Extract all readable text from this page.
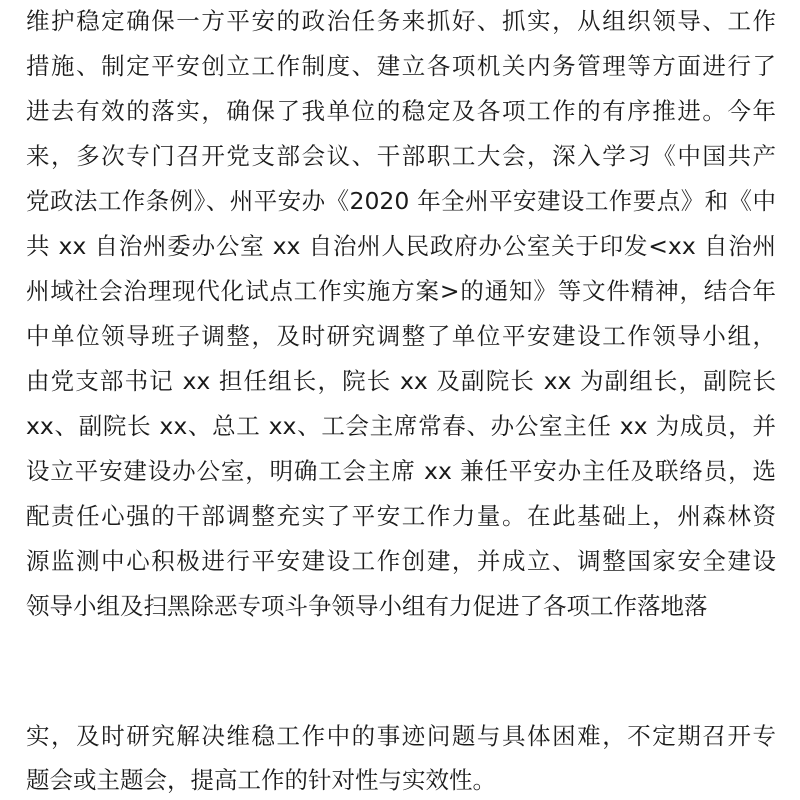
维护稳定确保一方平安的政治任务来抓好、抓实，从组织领导、工作
措施、制定平安创立工作制度、建立各项机关内务管理等方面进行了
进去有效的落实，确保了我单位的稳定及各项工作的有序推进。今年
来，多次专门召开党支部会议、干部职工大会，深入学习《中国共产
党政法工作条例》、州平安办《2020 年全州平安建设工作要点》和《中
共 xx 自治州委办公室 xx 自治州人民政府办公室关于印发<xx 自治州
州域社会治理现代化试点工作实施方案>的通知》等文件精神，结合年
中单位领导班子调整，及时研究调整了单位平安建设工作领导小组，
由党支部书记 xx 担任组长，院长 xx 及副院长 xx 为副组长，副院长
xx、副院长 xx、总工 xx、工会主席常春、办公室主任 xx 为成员，并
设立平安建设办公室，明确工会主席 xx 兼任平安办主任及联络员，选
配责任心强的干部调整充实了平安工作力量。在此基础上，州森林资
源监测中心积极进行平安建设工作创建，并成立、调整国家安全建设
领导小组及扫黑除恶专项斗争领导小组有力促进了各项工作落地落
实，及时研究解决维稳工作中的事迹问题与具体困难，不定期召开专
题会或主题会，提高工作的针对性与实效性。
